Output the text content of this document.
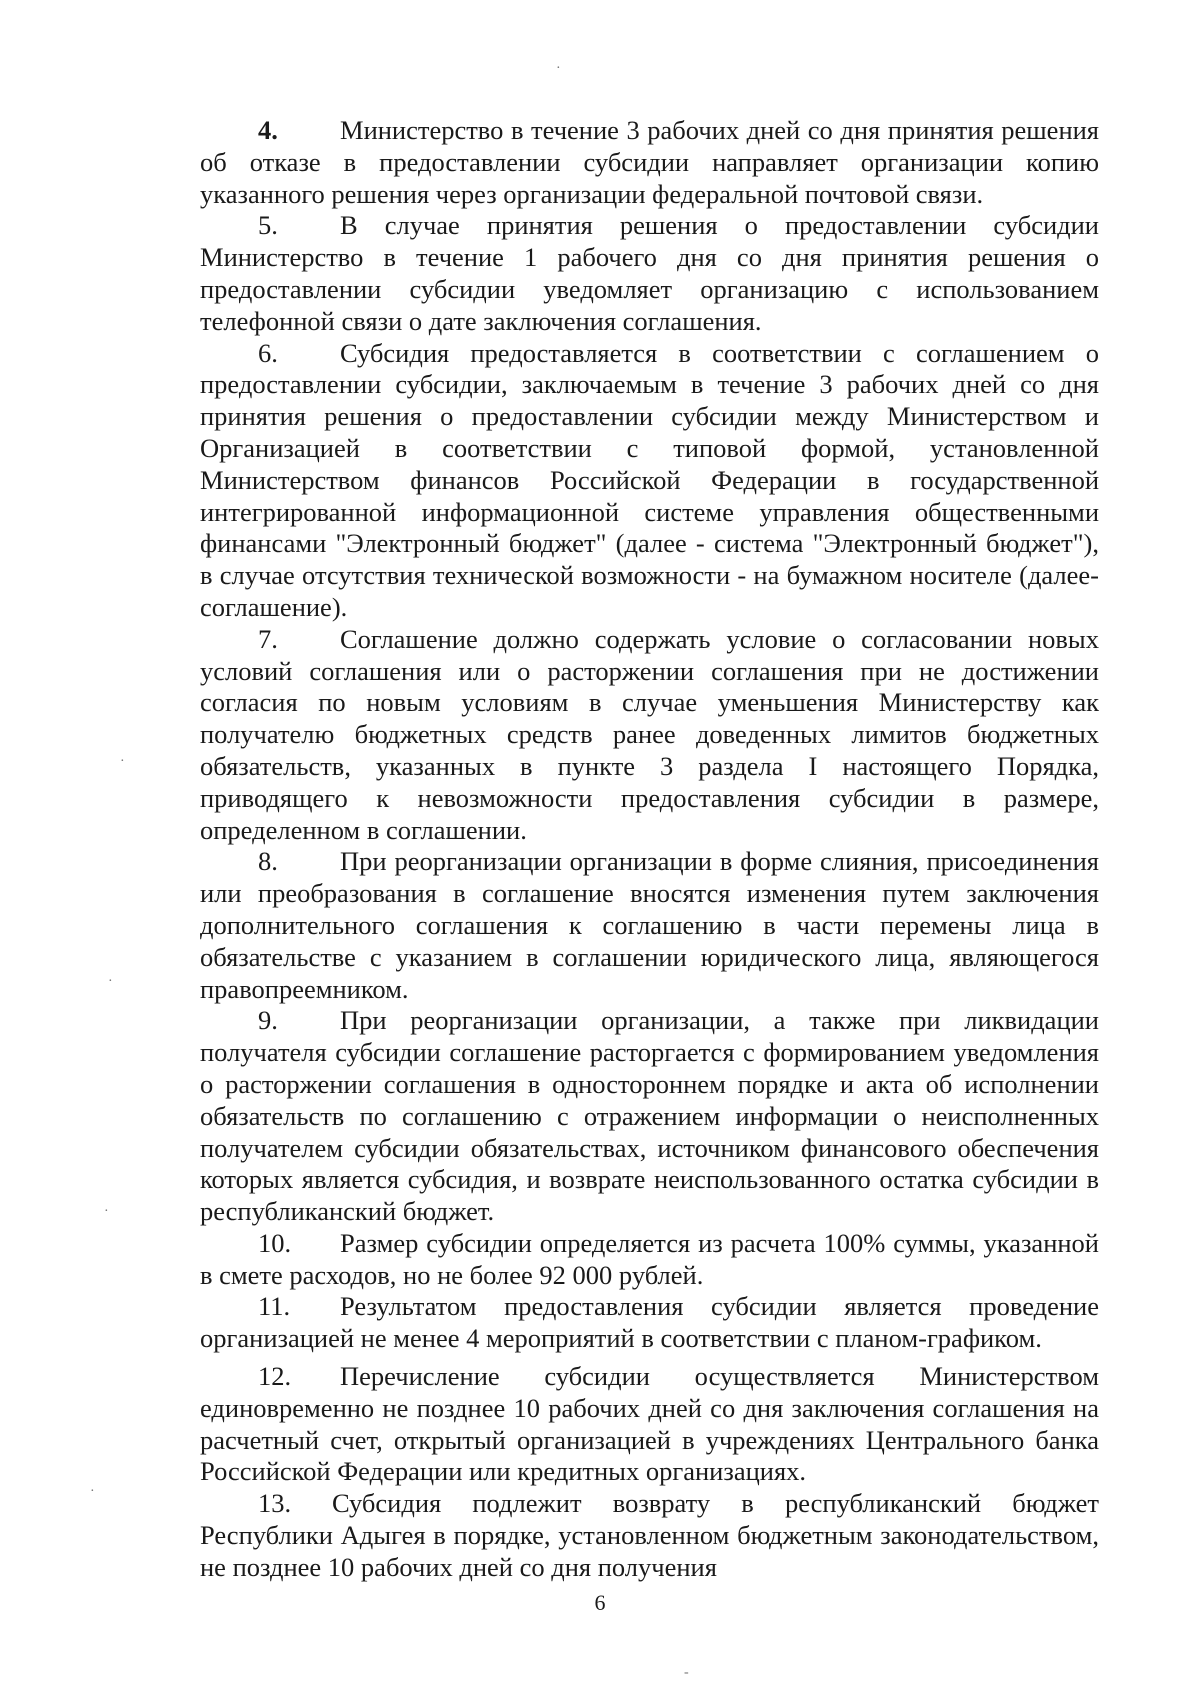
4. Министерство в течение 3 рабочих дней со дня принятия решения об отказе в предоставлении субсидии направляет организации копию указанного решения через организации федеральной почтовой связи.

5. В случае принятия решения о предоставлении субсидии Министерство в течение 1 рабочего дня со дня принятия решения о предоставлении субсидии уведомляет организацию с использованием телефонной связи о дате заключения соглашения.

6. Субсидия предоставляется в соответствии с соглашением о предоставлении субсидии, заключаемым в течение 3 рабочих дней со дня принятия решения о предоставлении субсидии между Министерством и Организацией в соответствии с типовой формой, установленной Министерством финансов Российской Федерации в государственной интегрированной информационной системе управления общественными финансами "Электронный бюджет" (далее - система "Электронный бюджет"), в случае отсутствия технической возможности - на бумажном носителе (далее- соглашение).

7. Соглашение должно содержать условие о согласовании новых условий соглашения или о расторжении соглашения при не достижении согласия по новым условиям в случае уменьшения Министерству как получателю бюджетных средств ранее доведенных лимитов бюджетных обязательств, указанных в пункте 3 раздела I настоящего Порядка, приводящего к невозможности предоставления субсидии в размере, определенном в соглашении.

8. При реорганизации организации в форме слияния, присоединения или преобразования в соглашение вносятся изменения путем заключения дополнительного соглашения к соглашению в части перемены лица в обязательстве с указанием в соглашении юридического лица, являющегося правопреемником.

9. При реорганизации организации, а также при ликвидации получателя субсидии соглашение расторгается с формированием уведомления о расторжении соглашения в одностороннем порядке и акта об исполнении обязательств по соглашению с отражением информации о неисполненных получателем субсидии обязательствах, источником финансового обеспечения которых является субсидия, и возврате неиспользованного остатка субсидии в республиканский бюджет.

10. Размер субсидии определяется из расчета 100% суммы, указанной в смете расходов, но не более 92 000 рублей.

11. Результатом предоставления субсидии является проведение организацией не менее 4 мероприятий в соответствии с планом-графиком.

12. Перечисление субсидии осуществляется Министерством единовременно не позднее 10 рабочих дней со дня заключения соглашения на расчетный счет, открытый организацией в учреждениях Центрального банка Российской Федерации или кредитных организациях.

13. Субсидия подлежит возврату в республиканский бюджет Республики Адыгея в порядке, установленном бюджетным законодательством, не позднее 10 рабочих дней со дня получения

6
·
·
·
·
·
-
